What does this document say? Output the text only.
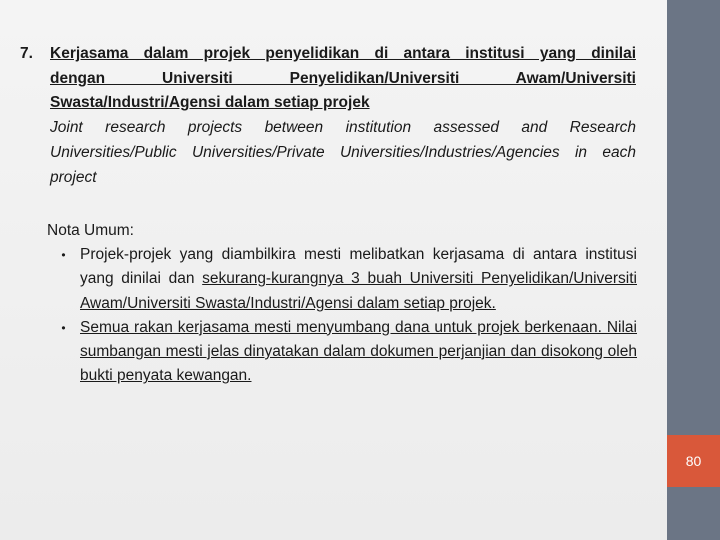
7.	Kerjasama dalam projek penyelidikan di antara institusi yang dinilai
dengan Universiti Penyelidikan/Universiti Awam/Universiti
Swasta/Industri/Agensi dalam setiap projek
Joint research projects between institution assessed and Research Universities/Public Universities/Private Universities/Industries/Agencies in each project
Nota Umum:
• Projek-projek yang diambilkira mesti melibatkan kerjasama di antara institusi yang dinilai dan sekurang-kurangnya 3 buah Universiti Penyelidikan/Universiti Awam/Universiti Swasta/Industri/Agensi dalam setiap projek.
• Semua rakan kerjasama mesti menyumbang dana untuk projek berkenaan. Nilai sumbangan mesti jelas dinyatakan dalam dokumen perjanjian dan disokong oleh bukti penyata kewangan.
80
